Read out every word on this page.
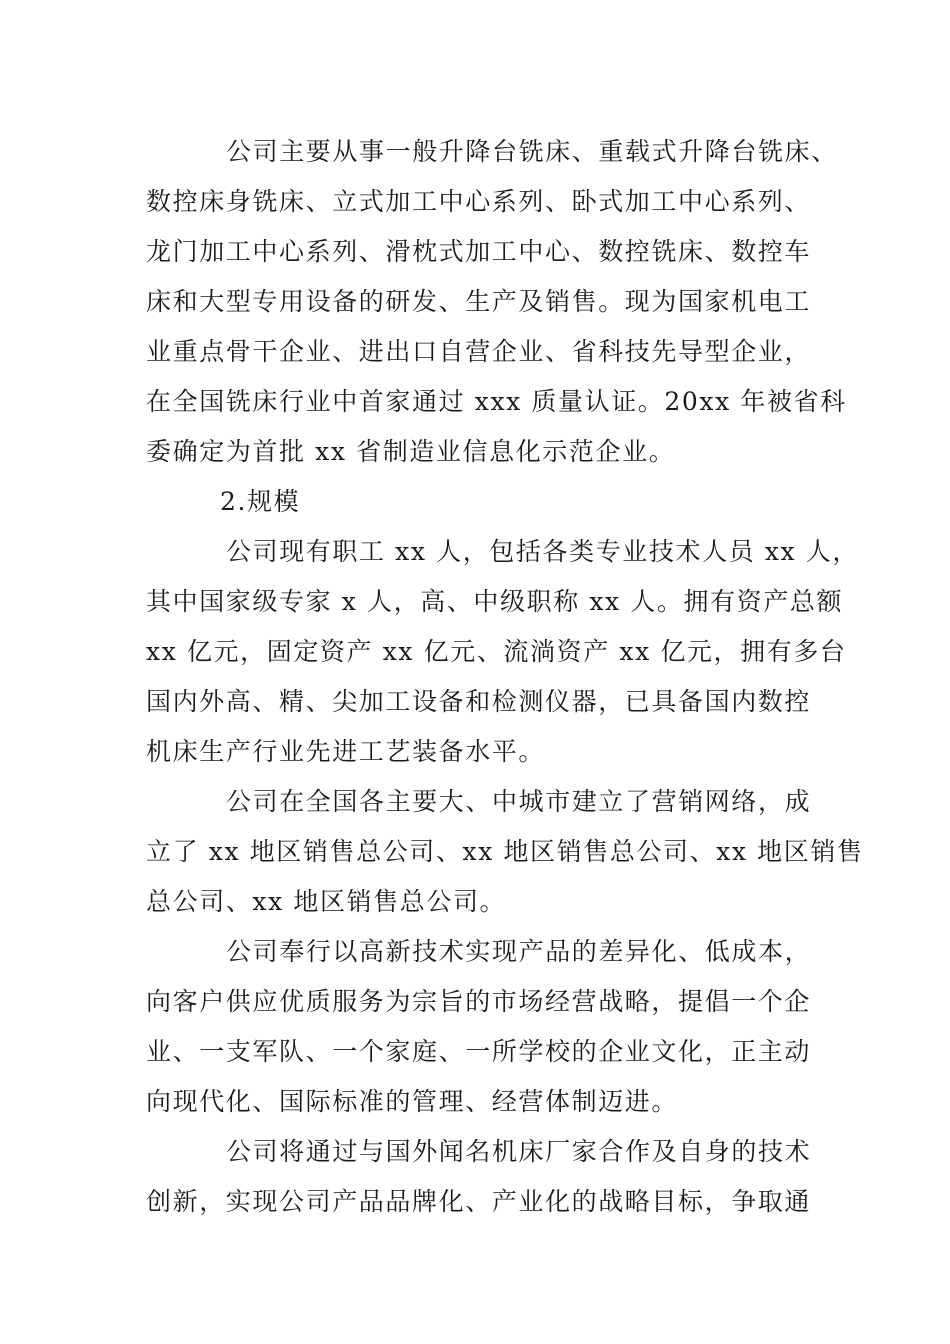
公司主要从事一般升降台铣床、重载式升降台铣床、
数控床身铣床、立式加工中心系列、卧式加工中心系列、
龙门加工中心系列、滑枕式加工中心、数控铣床、数控车
床和大型专用设备的研发、生产及销售。现为国家机电工
业重点骨干企业、进出口自营企业、省科技先导型企业，
在全国铣床行业中首家通过 xxx 质量认证。20xx 年被省科
委确定为首批 xx 省制造业信息化示范企业。
2.规模
公司现有职工 xx 人，包括各类专业技术人员 xx 人，
其中国家级专家 x 人，高、中级职称 xx 人。拥有资产总额
xx 亿元，固定资产 xx 亿元、流淌资产 xx 亿元，拥有多台
国内外高、精、尖加工设备和检测仪器，已具备国内数控
机床生产行业先进工艺装备水平。
公司在全国各主要大、中城市建立了营销网络，成
立了 xx 地区销售总公司、xx 地区销售总公司、xx 地区销售
总公司、xx 地区销售总公司。
公司奉行以高新技术实现产品的差异化、低成本，
向客户供应优质服务为宗旨的市场经营战略，提倡一个企
业、一支军队、一个家庭、一所学校的企业文化，正主动
向现代化、国际标准的管理、经营体制迈进。
公司将通过与国外闻名机床厂家合作及自身的技术
创新，实现公司产品品牌化、产业化的战略目标，争取通
